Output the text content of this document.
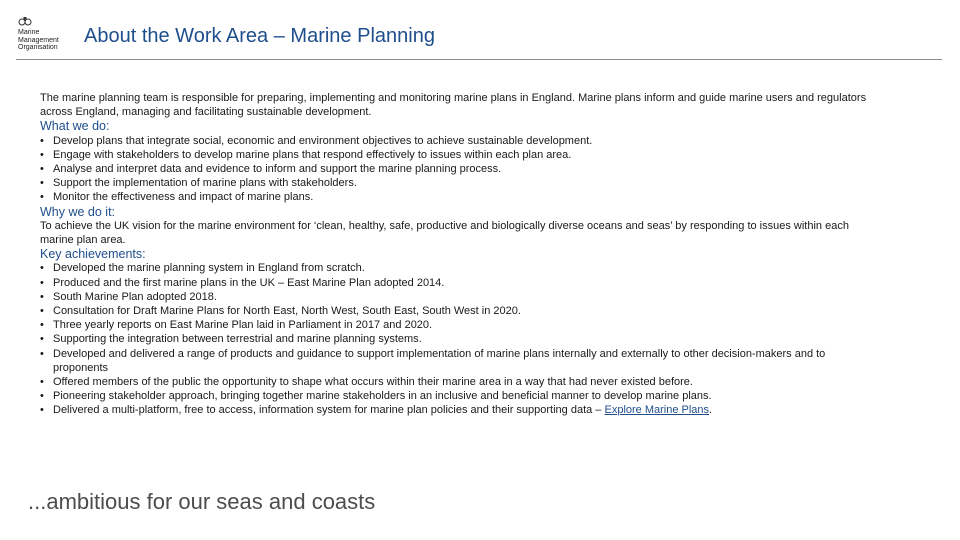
Marine
Management
Organisation
About the Work Area – Marine Planning

The marine planning team is responsible for preparing, implementing and monitoring marine plans in England. Marine plans inform and guide marine users and regulators across England, managing and facilitating sustainable development.

What we do:

• Develop plans that integrate social, economic and environment objectives to achieve sustainable development.
• Engage with stakeholders to develop marine plans that respond effectively to issues within each plan area.
• Analyse and interpret data and evidence to inform and support the marine planning process.
• Support the implementation of marine plans with stakeholders.
• Monitor the effectiveness and impact of marine plans.

Why we do it:

To achieve the UK vision for the marine environment for ‘clean, healthy, safe, productive and biologically diverse oceans and seas’ by responding to issues within each marine plan area.

Key achievements:

• Developed the marine planning system in England from scratch.
• Produced and the first marine plans in the UK – East Marine Plan adopted 2014.
• South Marine Plan adopted 2018.
• Consultation for Draft Marine Plans for North East, North West, South East, South West in 2020.
• Three yearly reports on East Marine Plan laid in Parliament in 2017 and 2020.
• Supporting the integration between terrestrial and marine planning systems.
• Developed and delivered a range of products and guidance to support implementation of marine plans internally and externally to other decision-makers and to proponents
• Offered members of the public the opportunity to shape what occurs within their marine area in a way that had never existed before.
• Pioneering stakeholder approach, bringing together marine stakeholders in an inclusive and beneficial manner to develop marine plans.
• Delivered a multi-platform, free to access, information system for marine plan policies and their supporting data – Explore Marine Plans.
...ambitious for our seas and coasts
